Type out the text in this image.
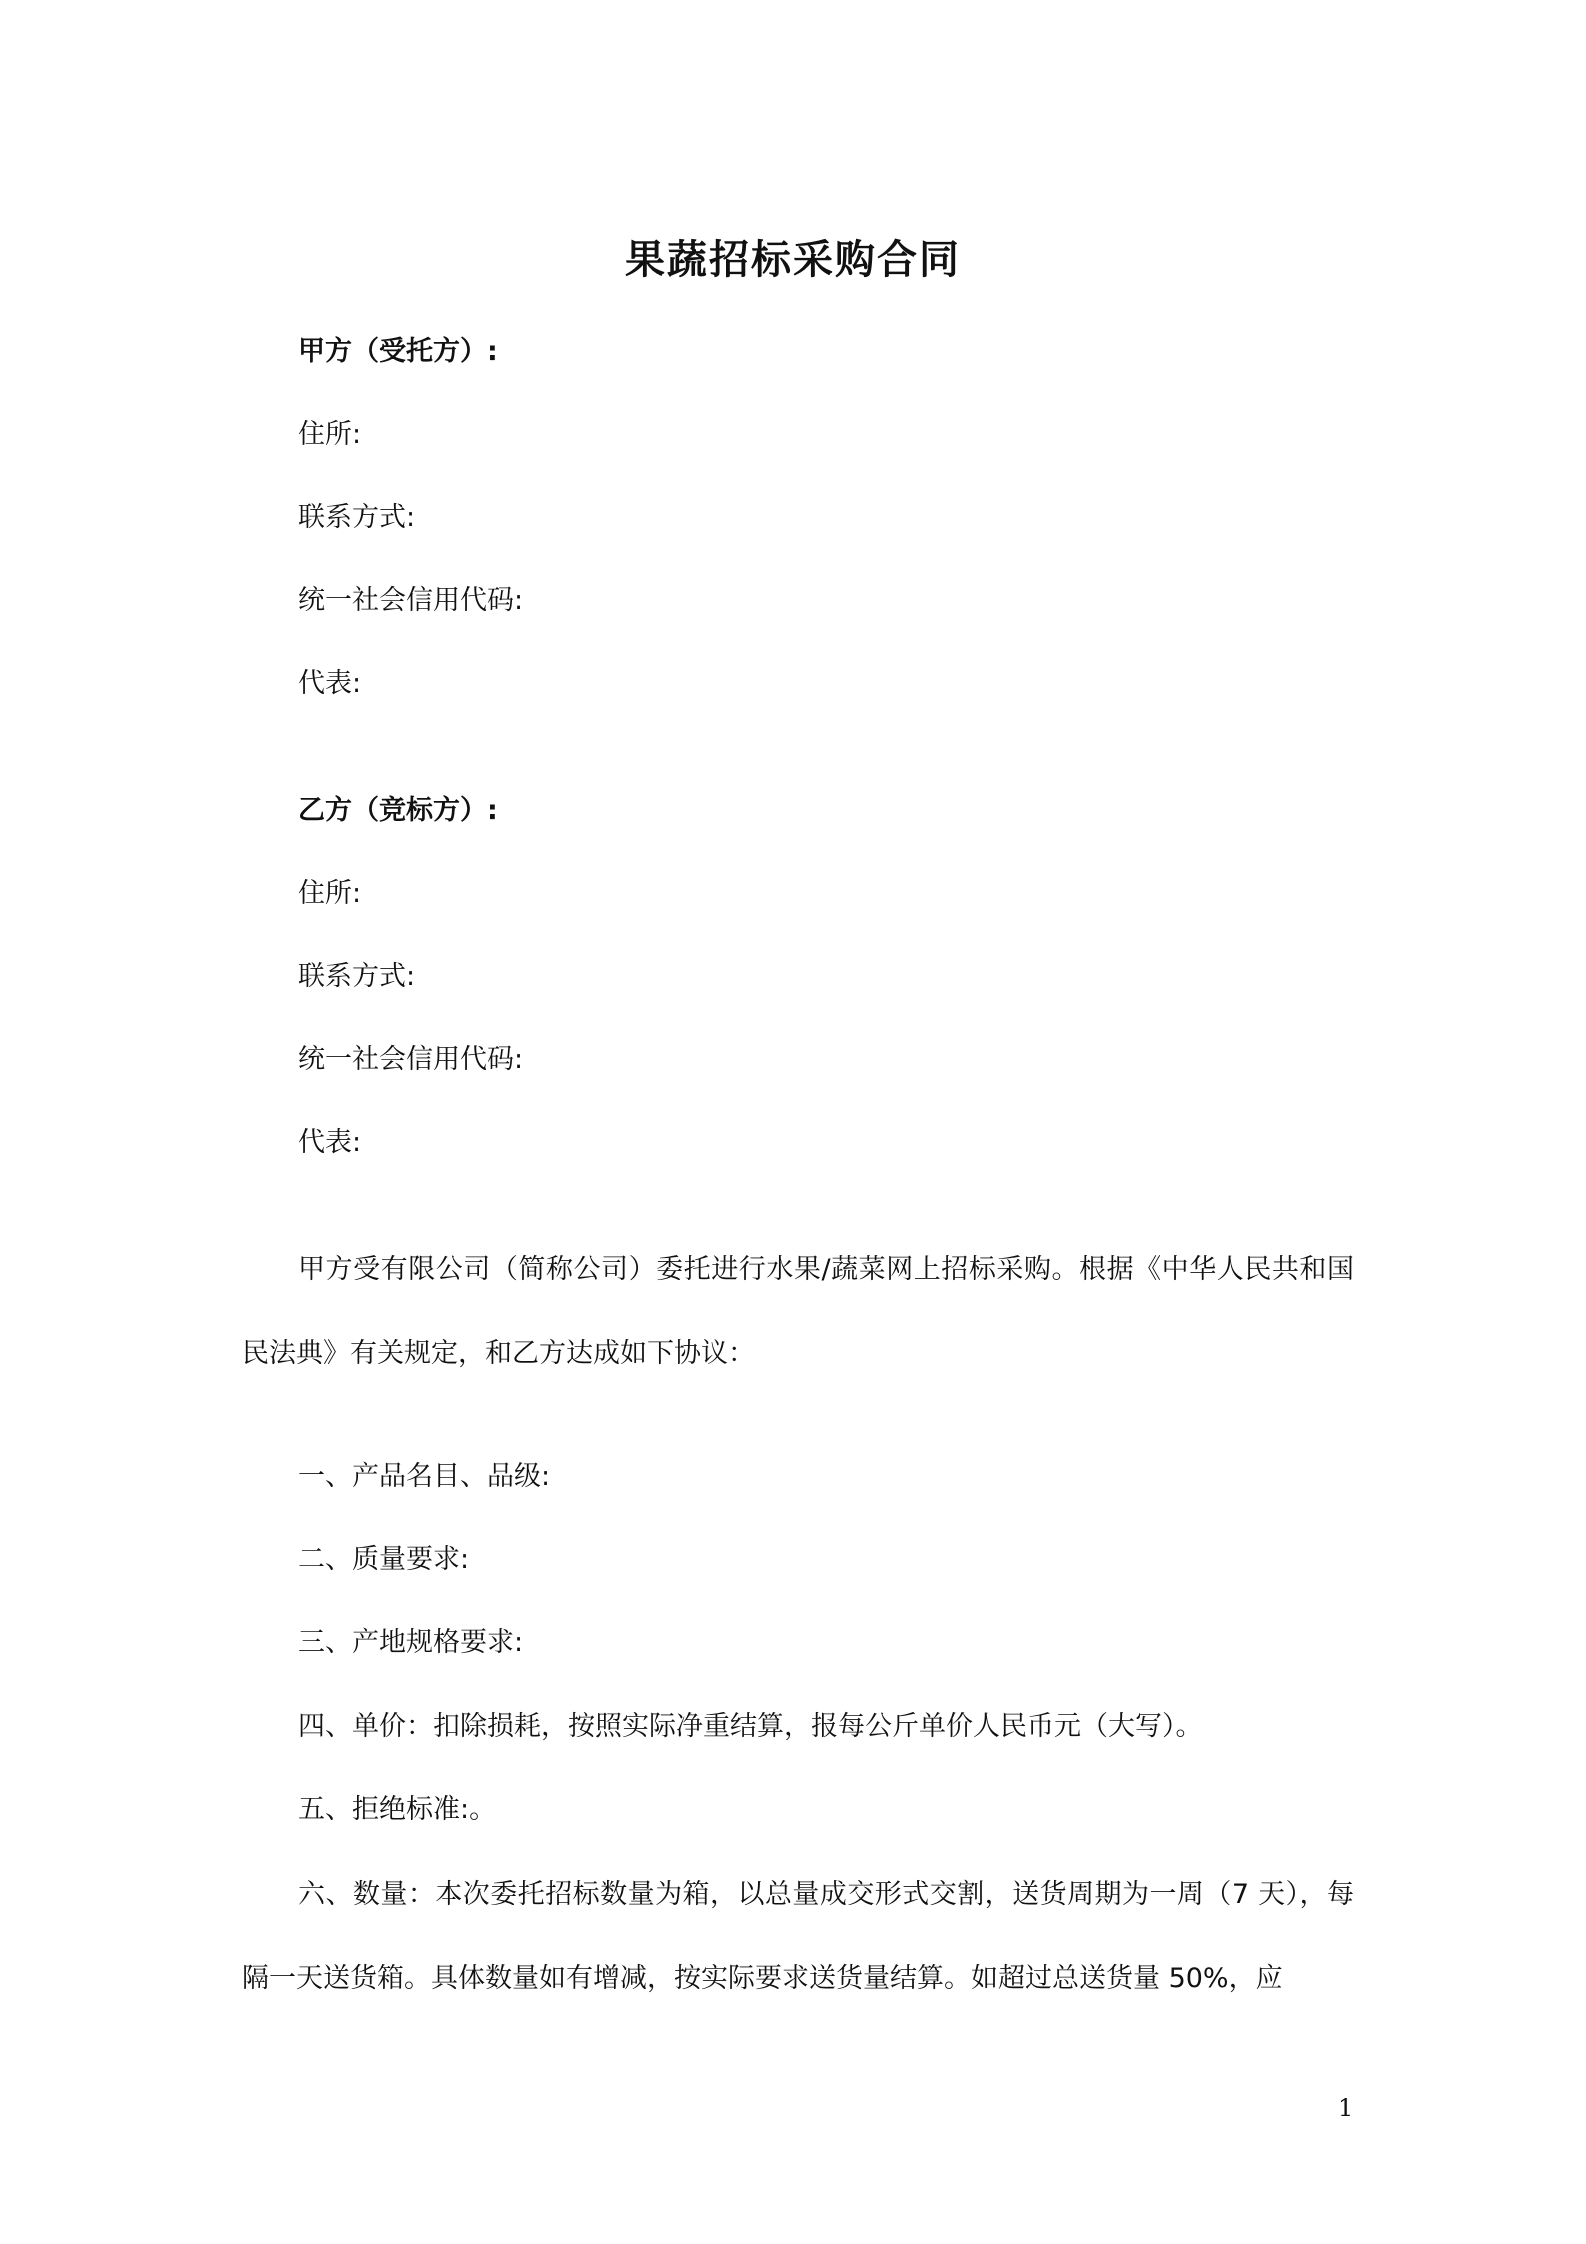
果蔬招标采购合同
甲方（受托方）:
住所:
联系方式:
统一社会信用代码:
代表:
乙方（竞标方）:
住所:
联系方式:
统一社会信用代码:
代表:
甲方受有限公司（简称公司）委托进行水果/蔬菜网上招标采购。根据《中华人民共和国民法典》有关规定，和乙方达成如下协议：
一、产品名目、品级:
二、质量要求:
三、产地规格要求:
四、单价：扣除损耗，按照实际净重结算，报每公斤单价人民币元（大写）。
五、拒绝标准:。
六、数量：本次委托招标数量为箱，以总量成交形式交割，送货周期为一周（7 天），每隔一天送货箱。具体数量如有增减，按实际要求送货量结算。如超过总送货量 50%，应
1
